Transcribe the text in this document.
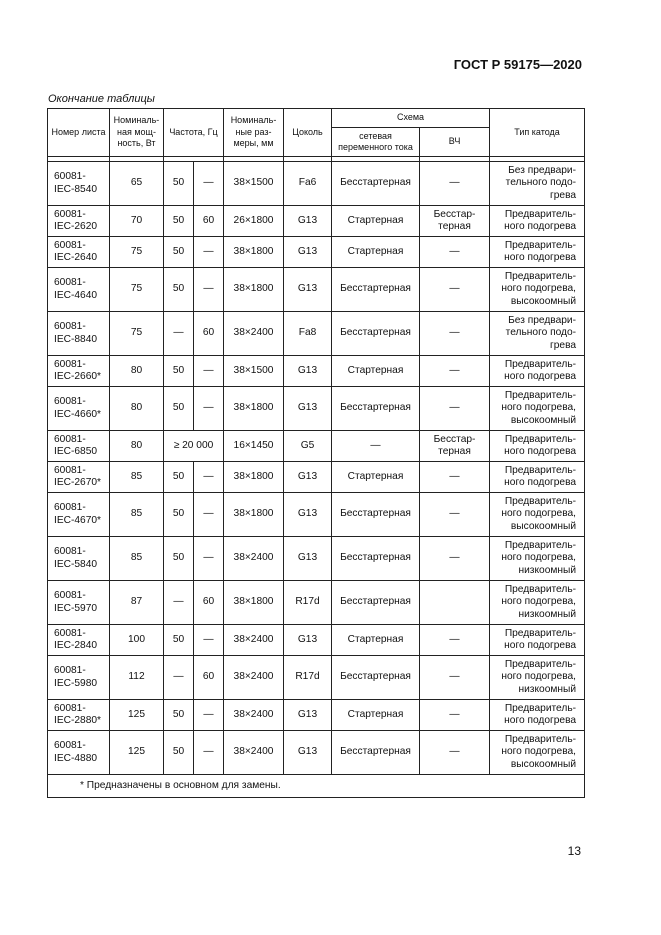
ГОСТ Р 59175—2020
Окончание таблицы
Номер листа	Номиналь-ная мощ-ность, Вт	Частота, Гц		Номиналь-ные раз-меры, мм	Цоколь	Схема		Тип катода
						сетевая переменного тока	ВЧ	

60081-IEC-8540	65	50	—	38×1500	Fa6	Бесстартерная	—	Без предвари-тельного подо-грева
60081-IEC-2620	70	50	60	26×1800	G13	Стартерная	Бесстар-терная	Предваритель-ного подогрева
60081-IEC-2640	75	50	—	38×1800	G13	Стартерная	—	Предваритель-ного подогрева
60081-IEC-4640	75	50	—	38×1800	G13	Бесстартерная	—	Предваритель-ного подогрева, высокоомный
60081-IEC-8840	75	—	60	38×2400	Fa8	Бесстартерная	—	Без предвари-тельного подо-грева
60081-IEC-2660*	80	50	—	38×1500	G13	Стартерная	—	Предваритель-ного подогрева
60081-IEC-4660*	80	50	—	38×1800	G13	Бесстартерная	—	Предваритель-ного подогрева, высокоомный
60081-IEC-6850	80	≥ 20 000		16×1450	G5	—	Бесстар-терная	Предваритель-ного подогрева
60081-IEC-2670*	85	50	—	38×1800	G13	Стартерная	—	Предваритель-ного подогрева
60081-IEC-4670*	85	50	—	38×1800	G13	Бесстартерная	—	Предваритель-ного подогрева, высокоомный
60081-IEC-5840	85	50	—	38×2400	G13	Бесстартерная	—	Предваритель-ного подогрева, низкоомный
60081-IEC-5970	87	—	60	38×1800	R17d	Бесстартерная		Предваритель-ного подогрева, низкоомный
60081-IEC-2840	100	50	—	38×2400	G13	Стартерная	—	Предваритель-ного подогрева
60081-IEC-5980	112	—	60	38×2400	R17d	Бесстартерная	—	Предваритель-ного подогрева, низкоомный
60081-IEC-2880*	125	50	—	38×2400	G13	Стартерная	—	Предваритель-ного подогрева
60081-IEC-4880	125	50	—	38×2400	G13	Бесстартерная	—	Предваритель-ного подогрева, высокоомный
* Предназначены в основном для замены.								
13
